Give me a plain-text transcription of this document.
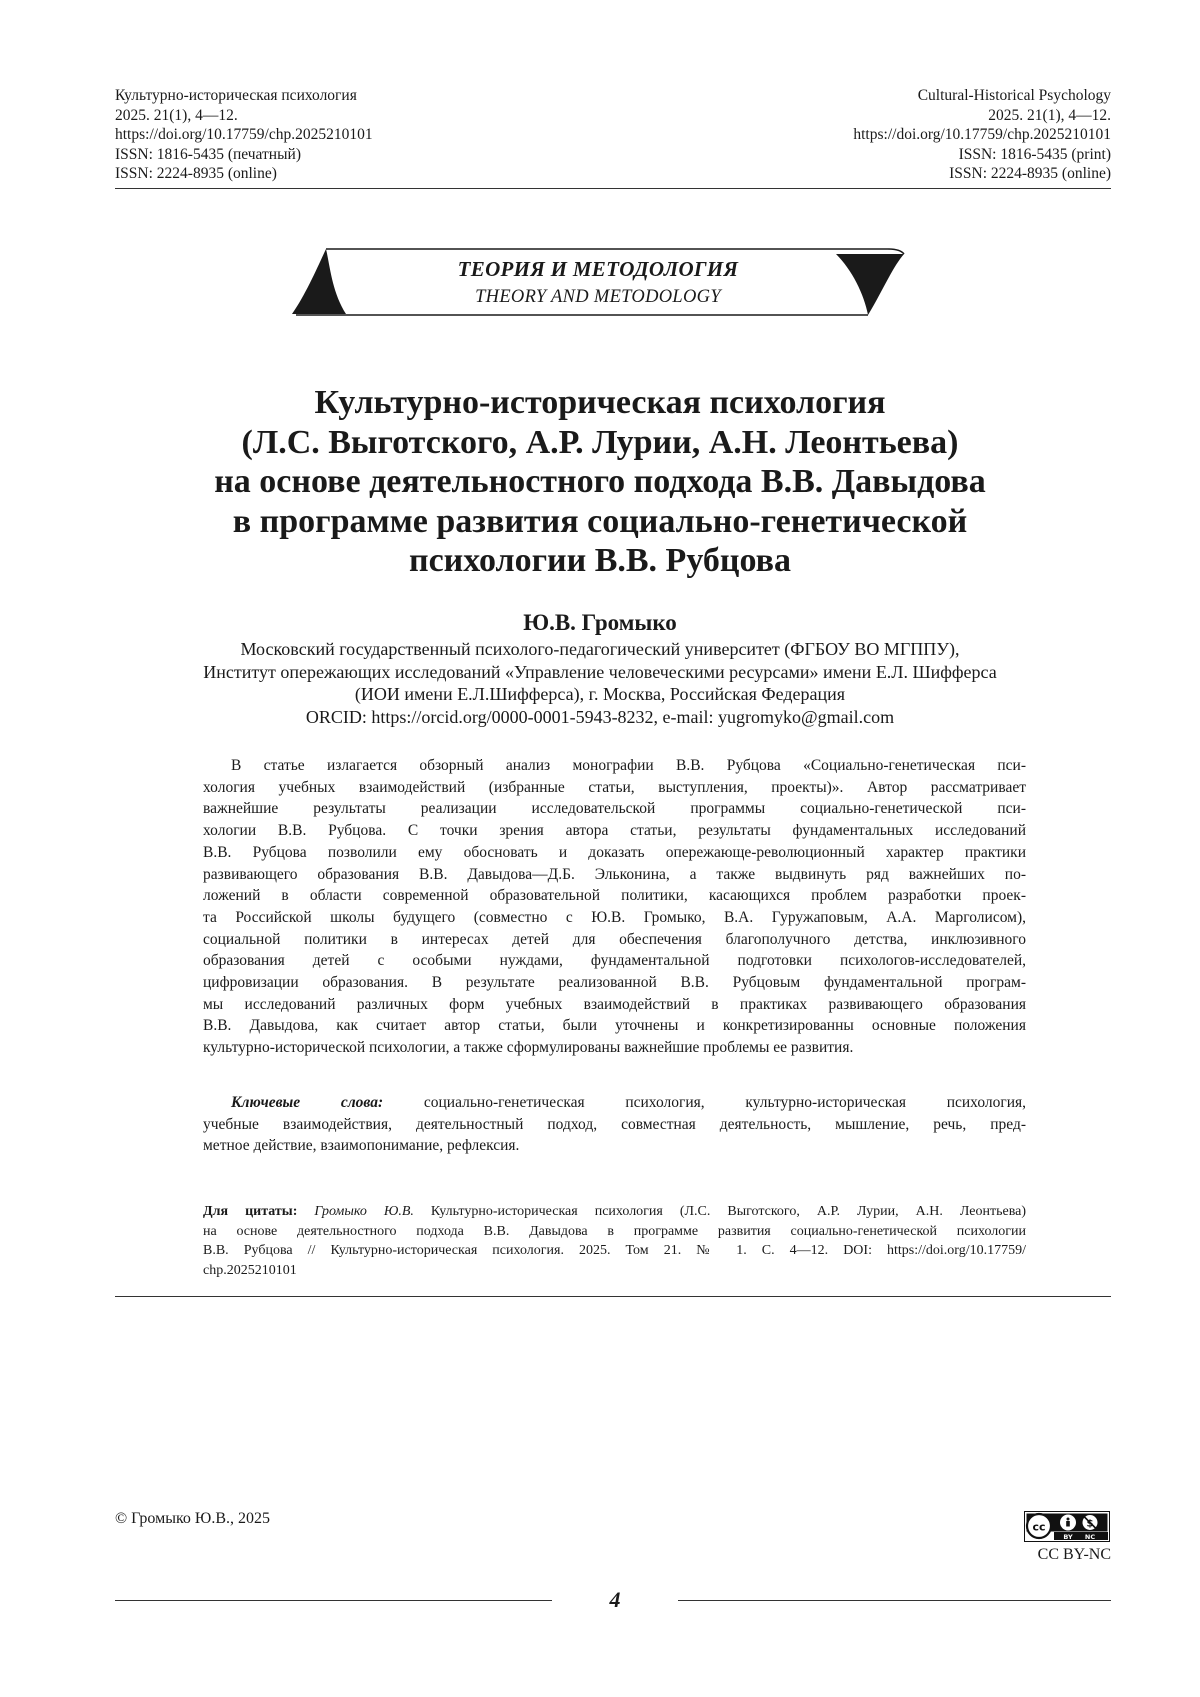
Культурно-историческая психология
2025. 21(1), 4—12.
https://doi.org/10.17759/chp.2025210101
ISSN: 1816-5435 (печатный)
ISSN: 2224-8935 (online)
Cultural-Historical Psychology
2025. 21(1), 4—12.
https://doi.org/10.17759/chp.2025210101
ISSN: 1816-5435 (print)
ISSN: 2224-8935 (online)
ТЕОРИЯ И МЕТОДОЛОГИЯ
THEORY AND METODOLOGY
Культурно-историческая психология
(Л.С. Выготского, А.Р. Лурии, А.Н. Леонтьева)
на основе деятельностного подхода В.В. Давыдова
в программе развития социально-генетической
психологии В.В. Рубцова
Ю.В. Громыко
Московский государственный психолого-педагогический университет (ФГБОУ ВО МГППУ),
Институт опережающих исследований «Управление человеческими ресурсами» имени Е.Л. Шифферса
(ИОИ имени Е.Л.Шифферса), г. Москва, Российская Федерация
ORCID: https://orcid.org/0000-0001-5943-8232, e-mail: yugromyko@gmail.com
В статье излагается обзорный анализ монографии В.В. Рубцова «Социально-генетическая пси-
хология учебных взаимодействий (избранные статьи, выступления, проекты)». Автор рассматривает
важнейшие результаты реализации исследовательской программы социально-генетической пси-
хологии В.В. Рубцова. С точки зрения автора статьи, результаты фундаментальных исследований
В.В. Рубцова позволили ему обосновать и доказать опережающе-революционный характер практики
развивающего образования В.В. Давыдова—Д.Б. Эльконина, а также выдвинуть ряд важнейших по-
ложений в области современной образовательной политики, касающихся проблем разработки проек-
та Российской школы будущего (совместно с Ю.В. Громыко, В.А. Гуружаповым, А.А. Марголисом),
социальной политики в интересах детей для обеспечения благополучного детства, инклюзивного
образования детей с особыми нуждами, фундаментальной подготовки психологов-исследователей,
цифровизации образования. В результате реализованной В.В. Рубцовым фундаментальной програм-
мы исследований различных форм учебных взаимодействий в практиках развивающего образования
В.В. Давыдова, как считает автор статьи, были уточнены и конкретизированны основные положения
культурно-исторической психологии, а также сформулированы важнейшие проблемы ее развития.
Ключевые слова:	социально-генетическая психология, культурно-историческая психология,
учебные взаимодействия, деятельностный подход, совместная деятельность, мышление, речь, пред-
метное действие, взаимопонимание, рефлексия.
Для цитаты: Громыко Ю.В. Культурно-историческая психология (Л.С. Выготского, А.Р. Лурии, А.Н. Леонтьева)
на основе деятельностного подхода В.В. Давыдова в программе развития социально-генетической психологии
В.В. Рубцова // Культурно-историческая психология. 2025. Том 21. № 1. С. 4—12. DOI: https://doi.org/10.17759/
chp.2025210101
© Громыко Ю.В., 2025	cc	$
BY NC
CC BY-NC
4
